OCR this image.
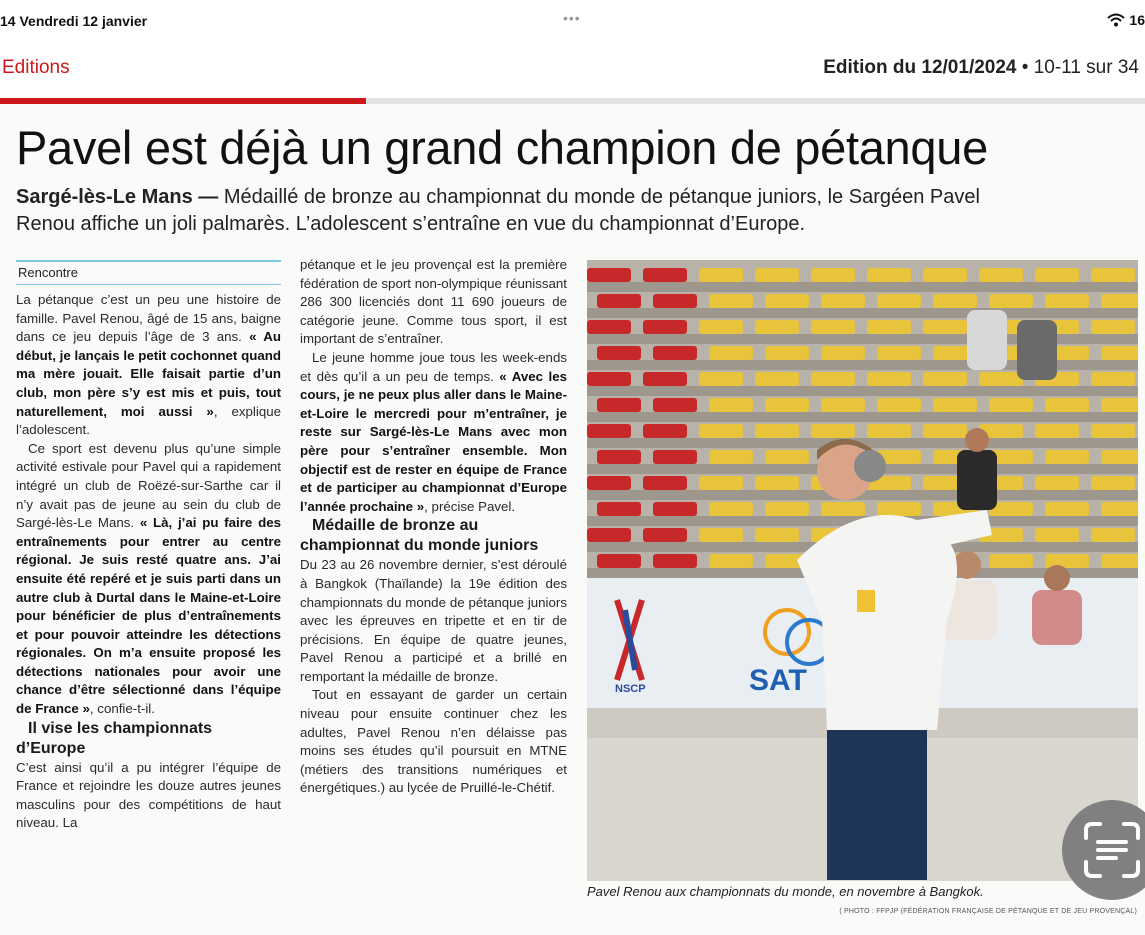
14 Vendredi 12 janvier	•••	16
Editions	Edition du 12/01/2024 • 10-11 sur 34
Pavel est déjà un grand champion de pétanque
Sargé-lès-Le Mans — Médaillé de bronze au championnat du monde de pétanque juniors, le Sargéen Pavel Renou affiche un joli palmarès. L’adolescent s’entraîne en vue du championnat d’Europe.
Rencontre

La pétanque c’est un peu une histoire de famille. Pavel Renou, âgé de 15 ans, baigne dans ce jeu depuis l’âge de 3 ans. « Au début, je lançais le petit cochonnet quand ma mère jouait. Elle faisait partie d’un club, mon père s’y est mis et puis, tout naturellement, moi aussi », explique l’adolescent.

Ce sport est devenu plus qu’une simple activité estivale pour Pavel qui a rapidement intégré un club de Roëzé-sur-Sarthe car il n’y avait pas de jeune au sein du club de Sargé-lès-Le Mans. « Là, j’ai pu faire des entraînements pour entrer au centre régional. Je suis resté quatre ans. J’ai ensuite été repéré et je suis parti dans un autre club à Durtal dans le Maine-et-Loire pour bénéficier de plus d’entraînements et pour pouvoir atteindre les détections régionales. On m’a ensuite proposé les détections nationales pour avoir une chance d’être sélectionné dans l’équipe de France », confie-t-il.

Il vise les championnats d’Europe

C’est ainsi qu’il a pu intégrer l’équipe de France et rejoindre les douze autres jeunes masculins pour des compétitions de haut niveau. La

pétanque et le jeu provençal est la première fédération de sport non-olympique réunissant 286 300 licenciés dont 11 690 joueurs de catégorie jeune. Comme tous sport, il est important de s’entraîner.

Le jeune homme joue tous les week-ends et dès qu’il a un peu de temps. « Avec les cours, je ne peux plus aller dans le Maine-et-Loire le mercredi pour m’entraîner, je reste sur Sargé-lès-Le Mans avec mon père pour s’entraîner ensemble. Mon objectif est de rester en équipe de France et de participer au championnat d’Europe l’année prochaine », précise Pavel.

Médaille de bronze au championnat du monde juniors

Du 23 au 26 novembre dernier, s’est déroulé à Bangkok (Thaïlande) la 19e édition des championnats du monde de pétanque juniors avec les épreuves en tripette et en tir de précisions. En équipe de quatre jeunes, Pavel Renou a participé et a brillé en remportant la médaille de bronze.

Tout en essayant de garder un certain niveau pour ensuite continuer chez les adultes, Pavel Renou n’en délaisse pas moins ses études qu’il poursuit en MTNE (métiers des transitions numériques et énergétiques.) au lycée de Pruillé-le-Chétif.

NSCP	SAT
Pavel Renou aux championnats du monde, en novembre à Bangkok.
( PHOTO : FFPJP (FÉDÉRATION FRANÇAISE DE PÉTANQUE ET DE JEU PROVENÇAL)
